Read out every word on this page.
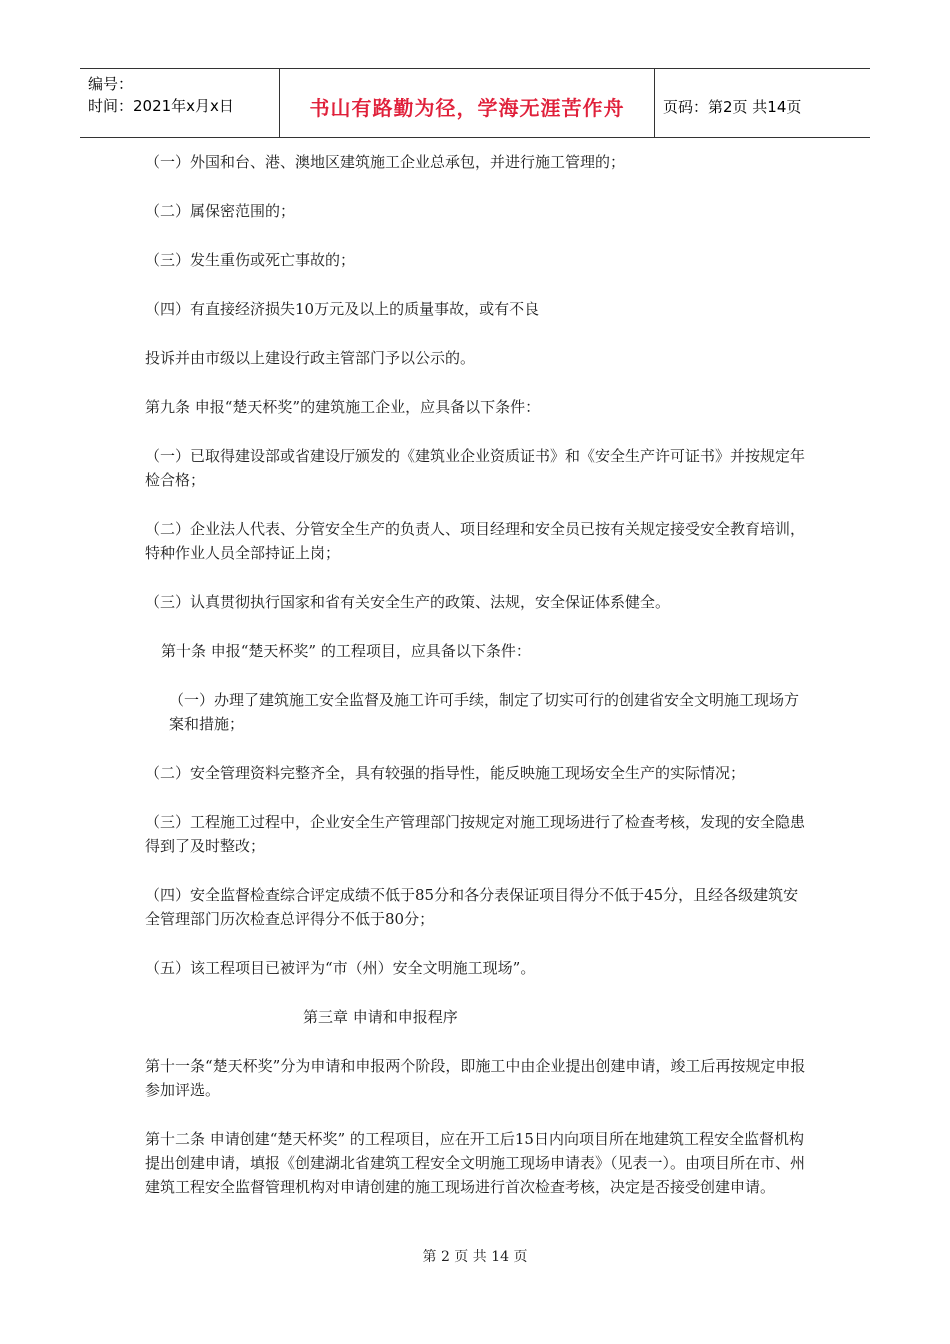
编号：
时间：2021年x月x日	书山有路勤为径，学海无涯苦作舟	页码：第2页 共14页

（一）外国和台、港、澳地区建筑施工企业总承包，并进行施工管理的；

（二）属保密范围的；

（三）发生重伤或死亡事故的；

（四）有直接经济损失10万元及以上的质量事故，或有不良

投诉并由市级以上建设行政主管部门予以公示的。

第九条 申报“楚天杯奖”的建筑施工企业，应具备以下条件：

（一）已取得建设部或省建设厅颁发的《建筑业企业资质证书》和《安全生产许可证书》并按规定年检合格；

（二）企业法人代表、分管安全生产的负责人、项目经理和安全员已按有关规定接受安全教育培训，特种作业人员全部持证上岗；

（三）认真贯彻执行国家和省有关安全生产的政策、法规，安全保证体系健全。

第十条 申报“楚天杯奖” 的工程项目，应具备以下条件：

（一）办理了建筑施工安全监督及施工许可手续，制定了切实可行的创建省安全文明施工现场方案和措施；

（二）安全管理资料完整齐全，具有较强的指导性，能反映施工现场安全生产的实际情况；

（三）工程施工过程中，企业安全生产管理部门按规定对施工现场进行了检查考核，发现的安全隐患得到了及时整改；

（四）安全监督检查综合评定成绩不低于85分和各分表保证项目得分不低于45分，且经各级建筑安全管理部门历次检查总评得分不低于80分；

（五）该工程项目已被评为“市（州）安全文明施工现场”。

第三章 申请和申报程序

第十一条“楚天杯奖”分为申请和申报两个阶段，即施工中由企业提出创建申请，竣工后再按规定申报参加评选。

第十二条 申请创建“楚天杯奖” 的工程项目，应在开工后15日内向项目所在地建筑工程安全监督机构提出创建申请，填报《创建湖北省建筑工程安全文明施工现场申请表》（见表一）。由项目所在市、州建筑工程安全监督管理机构对申请创建的施工现场进行首次检查考核，决定是否接受创建申请。

第 2 页 共 14 页
